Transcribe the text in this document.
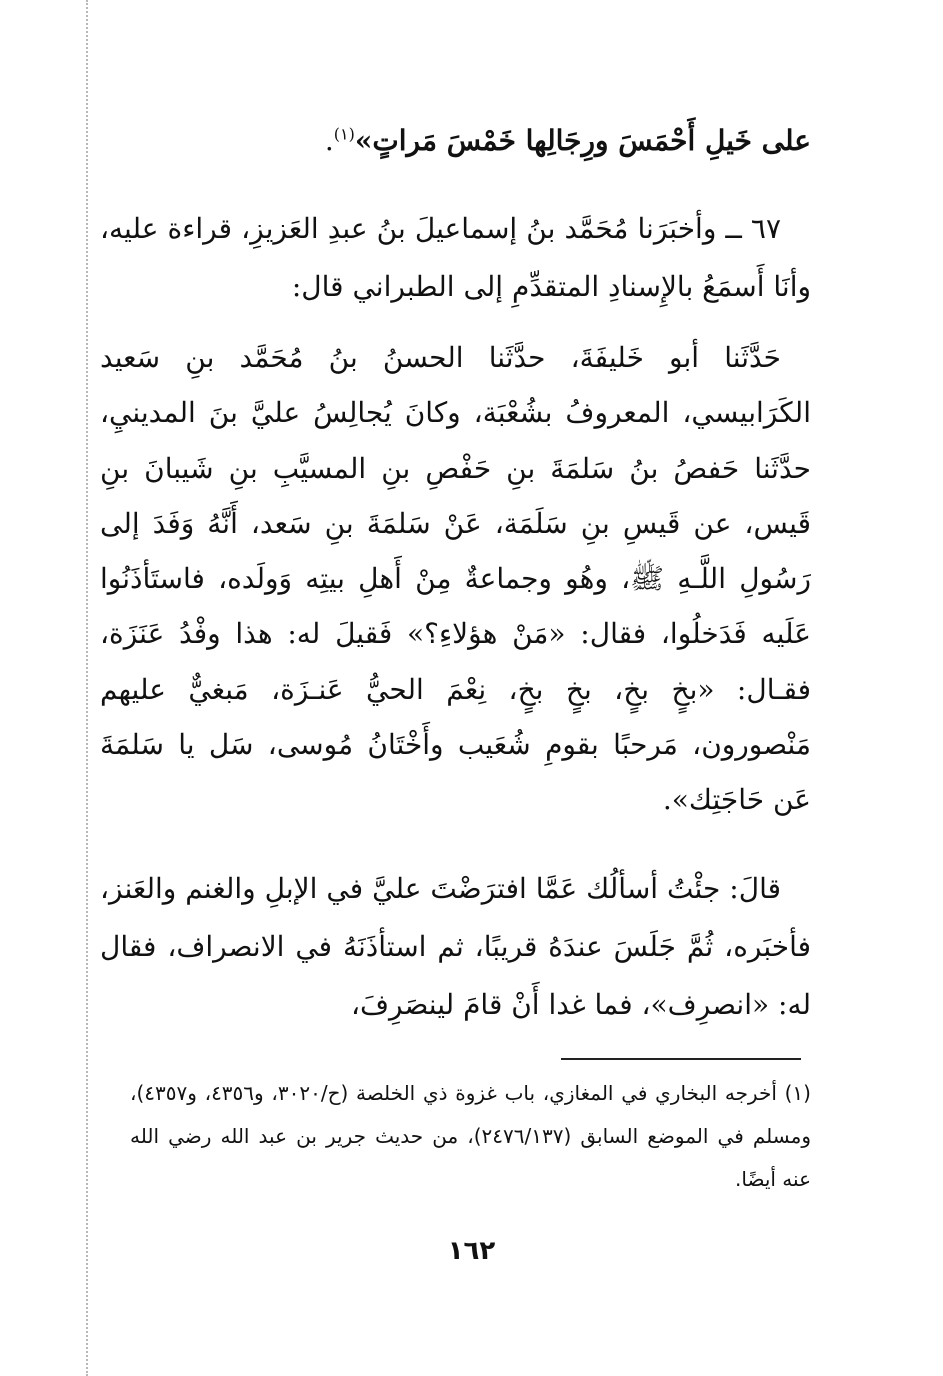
على خَيلِ أَحْمَسَ ورِجَالِها خَمْسَ مَراتٍ»$^{(١)}$.
٦٧ ــ وأخبَرَنا مُحَمَّد بنُ إسماعيلَ بنُ عبدِ العَزيزِ، قراءة عليه، وأنَا أَسمَعُ بالإِسنادِ المتقدِّمِ إلى الطبراني قال:
حَدَّثَنا أبو خَليفَةَ، حدَّثَنا الحسنُ بنُ مُحَمَّد بنِ سَعيد الكَرَابيسي، المعروفُ بشُعْبَة، وكانَ يُجالِسُ عليَّ بنَ المدينيِ، حدَّثَنا حَفصُ بنُ سَلمَةَ بنِ حَفْصِ بنِ المسيَّبِ بنِ شَيبانَ بنِ قَيس، عن قَيسِ بنِ سَلَمَة، عَنْ سَلمَةَ بنِ سَعد، أَنَّهُ وَفَدَ إلى رَسُولِ اللَّـهِ ﷺ، وهُو وجماعةٌ مِنْ أَهلِ بيتِه وَولَده، فاستَأذَنُوا عَلَيه فَدَخلُوا، فقال: «مَنْ هؤلاءِ؟» فَقيلَ له: هذا وفْدُ عَنَزَة، فقـال: «بخٍ بخٍ، بخٍ بخٍ، نِعْمَ الحيُّ عَنـزَة، مَبغيٌّ عليهم مَنْصورون، مَرحبًا بقومِ شُعَيب وأَخْتَانُ مُوسى، سَل يا سَلمَةَ عَن حَاجَتِك».
قالَ: جئْتُ أسألُك عَمَّا افترَضْتَ عليَّ في الإبلِ والغنم والعَنز، فأخبَره، ثُمَّ جَلَسَ عندَهُ قريبًا، ثم استأذَنَهُ في الانصراف، فقال له: «انصرِف»، فما غدا أَنْ قامَ لينصَرِفَ،
(١) أخرجه البخاري في المغازي، باب غزوة ذي الخلصة (ح/٣٠٢٠، و٤٣٥٦، و٤٣٥٧)، ومسلم في الموضع السابق (٢٤٧٦/١٣٧)، من حديث جرير بن عبد الله رضي الله عنه أيضًا.
١٦٢
